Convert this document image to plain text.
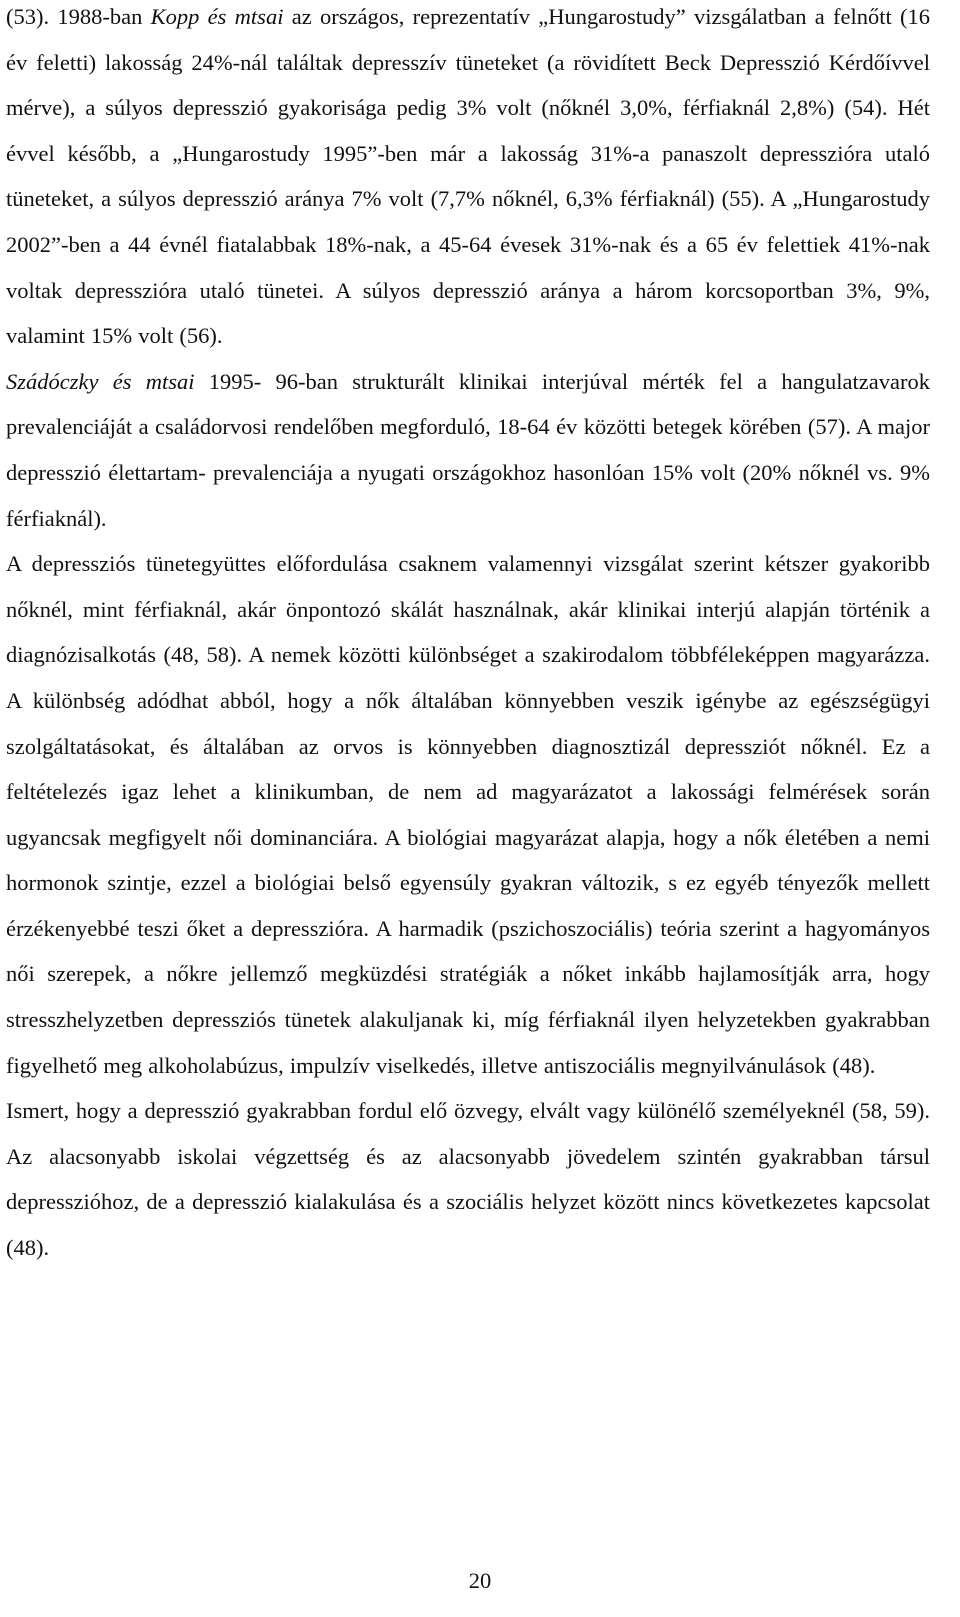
(53). 1988-ban Kopp és mtsai az országos, reprezentatív „Hungarostudy” vizsgálatban a felnőtt (16 év feletti) lakosság 24%-nál találtak depresszív tüneteket (a rövidített Beck Depresszió Kérdőívvel mérve), a súlyos depresszió gyakorisága pedig 3% volt (nőknél 3,0%, férfiaknál 2,8%) (54). Hét évvel később, a „Hungarostudy 1995”-ben már a lakosság 31%-a panaszolt depresszióra utaló tüneteket, a súlyos depresszió aránya 7% volt (7,7% nőknél, 6,3% férfiaknál) (55). A „Hungarostudy 2002”-ben a 44 évnél fiatalabbak 18%-nak, a 45-64 évesek 31%-nak és a 65 év felettiek 41%-nak voltak depresszióra utaló tünetei. A súlyos depresszió aránya a három korcsoportban 3%, 9%, valamint 15% volt (56).

Szádóczky és mtsai 1995- 96-ban strukturált klinikai interjúval mérték fel a hangulatzavarok prevalenciáját a családorvosi rendelőben megforduló, 18-64 év közötti betegek körében (57). A major depresszió élettartam- prevalenciája a nyugati országokhoz hasonlóan 15% volt (20% nőknél vs. 9% férfiaknál).

A depressziós tünetegyüttes előfordulása csaknem valamennyi vizsgálat szerint kétszer gyakoribb nőknél, mint férfiaknál, akár önpontozó skálát használnak, akár klinikai interjú alapján történik a diagnózisalkotás (48, 58). A nemek közötti különbséget a szakirodalom többféleképpen magyarázza. A különbség adódhat abból, hogy a nők általában könnyebben veszik igénybe az egészségügyi szolgáltatásokat, és általában az orvos is könnyebben diagnosztizál depressziót nőknél. Ez a feltételezés igaz lehet a klinikumban, de nem ad magyarázatot a lakossági felmérések során ugyancsak megfigyelt női dominanciára. A biológiai magyarázat alapja, hogy a nők életében a nemi hormonok szintje, ezzel a biológiai belső egyensúly gyakran változik, s ez egyéb tényezők mellett érzékenyebbé teszi őket a depresszióra. A harmadik (pszichoszociális) teória szerint a hagyományos női szerepek, a nőkre jellemző megküzdési stratégiák a nőket inkább hajlamosítják arra, hogy stresszhelyzetben depressziós tünetek alakuljanak ki, míg férfiaknál ilyen helyzetekben gyakrabban figyelhető meg alkoholabúzus, impulzív viselkedés, illetve antiszociális megnyilvánulások (48).

Ismert, hogy a depresszió gyakrabban fordul elő özvegy, elvált vagy különélő személyeknél (58, 59). Az alacsonyabb iskolai végzettség és az alacsonyabb jövedelem szintén gyakrabban társul depresszióhoz, de a depresszió kialakulása és a szociális helyzet között nincs következetes kapcsolat (48).

20
